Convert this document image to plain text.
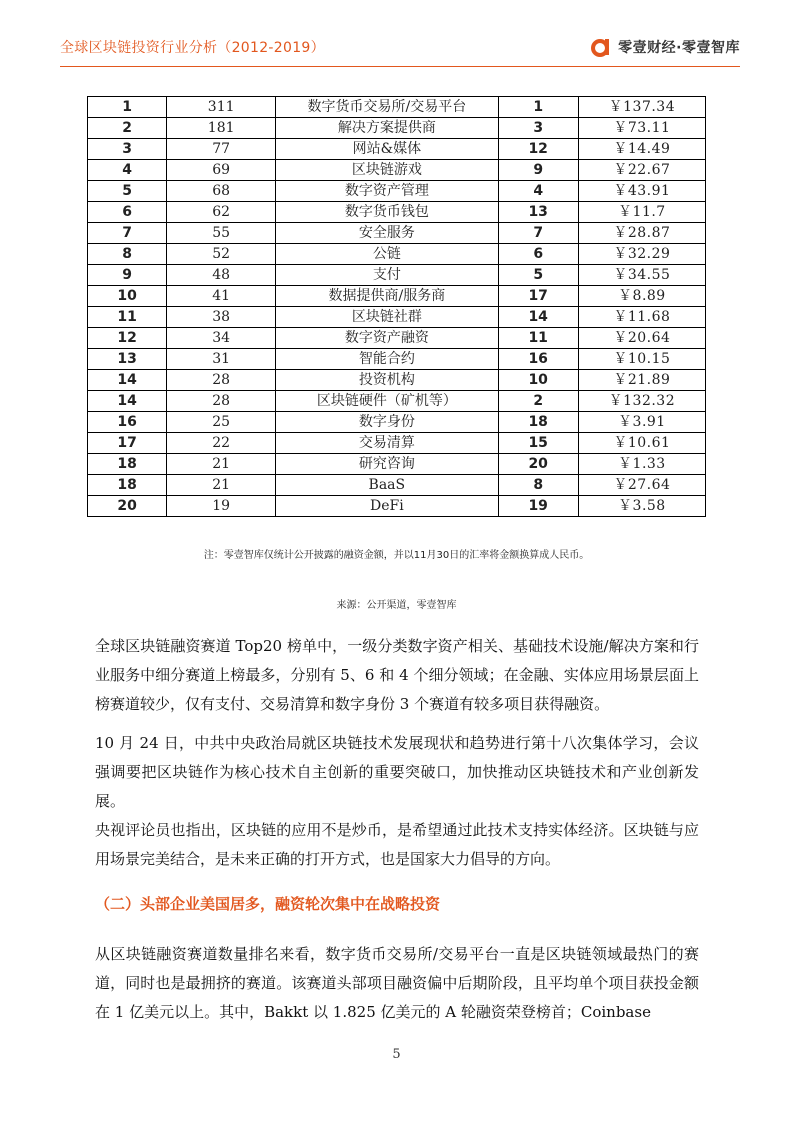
全球区块链投资行业分析（2012-2019）	零壹财经·零壹智库
1	311	数字货币交易所/交易平台	1	￥137.34
2	181	解决方案提供商	3	￥73.11
3	77	网站&媒体	12	￥14.49
4	69	区块链游戏	9	￥22.67
5	68	数字资产管理	4	￥43.91
6	62	数字货币钱包	13	￥11.7
7	55	安全服务	7	￥28.87
8	52	公链	6	￥32.29
9	48	支付	5	￥34.55
10	41	数据提供商/服务商	17	￥8.89
11	38	区块链社群	14	￥11.68
12	34	数字资产融资	11	￥20.64
13	31	智能合约	16	￥10.15
14	28	投资机构	10	￥21.89
14	28	区块链硬件（矿机等）	2	￥132.32
16	25	数字身份	18	￥3.91
17	22	交易清算	15	￥10.61
18	21	研究咨询	20	￥1.33
18	21	BaaS	8	￥27.64
20	19	DeFi	19	￥3.58
注：零壹智库仅统计公开披露的融资金额，并以11月30日的汇率将金额换算成人民币。
来源：公开渠道，零壹智库

全球区块链融资赛道 Top20 榜单中，一级分类数字资产相关、基础技术设施/解决方案和行业服务中细分赛道上榜最多，分别有 5、6 和 4 个细分领域；在金融、实体应用场景层面上榜赛道较少，仅有支付、交易清算和数字身份 3 个赛道有较多项目获得融资。

10 月 24 日，中共中央政治局就区块链技术发展现状和趋势进行第十八次集体学习，会议强调要把区块链作为核心技术自主创新的重要突破口，加快推动区块链技术和产业创新发展。

央视评论员也指出，区块链的应用不是炒币，是希望通过此技术支持实体经济。区块链与应用场景完美结合，是未来正确的打开方式，也是国家大力倡导的方向。

（二）头部企业美国居多，融资轮次集中在战略投资

从区块链融资赛道数量排名来看，数字货币交易所/交易平台一直是区块链领域最热门的赛道，同时也是最拥挤的赛道。该赛道头部项目融资偏中后期阶段，且平均单个项目获投金额在 1 亿美元以上。其中，Bakkt 以 1.825 亿美元的 A 轮融资荣登榜首；Coinbase

5
